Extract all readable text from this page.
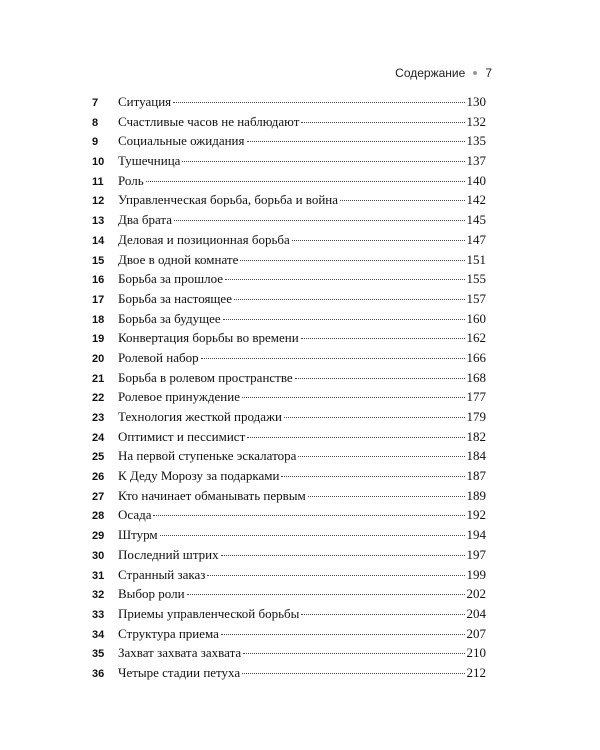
Содержание 7
7	Ситуация	130
8	Счастливые часов не наблюдают	132
9	Социальные ожидания	135
10	Тушечница	137
11	Роль	140
12	Управленческая борьба, борьба и война	142
13	Два брата	145
14	Деловая и позиционная борьба	147
15	Двое в одной комнате	151
16	Борьба за прошлое	155
17	Борьба за настоящее	157
18	Борьба за будущее	160
19	Конвертация борьбы во времени	162
20	Ролевой набор	166
21	Борьба в ролевом пространстве	168
22	Ролевое принуждение	177
23	Технология жесткой продажи	179
24	Оптимист и пессимист	182
25	На первой ступеньке эскалатора	184
26	К Деду Морозу за подарками	187
27	Кто начинает обманывать первым	189
28	Осада	192
29	Штурм	194
30	Последний штрих	197
31	Странный заказ	199
32	Выбор роли	202
33	Приемы управленческой борьбы	204
34	Структура приема	207
35	Захват захвата захвата	210
36	Четыре стадии петуха	212
